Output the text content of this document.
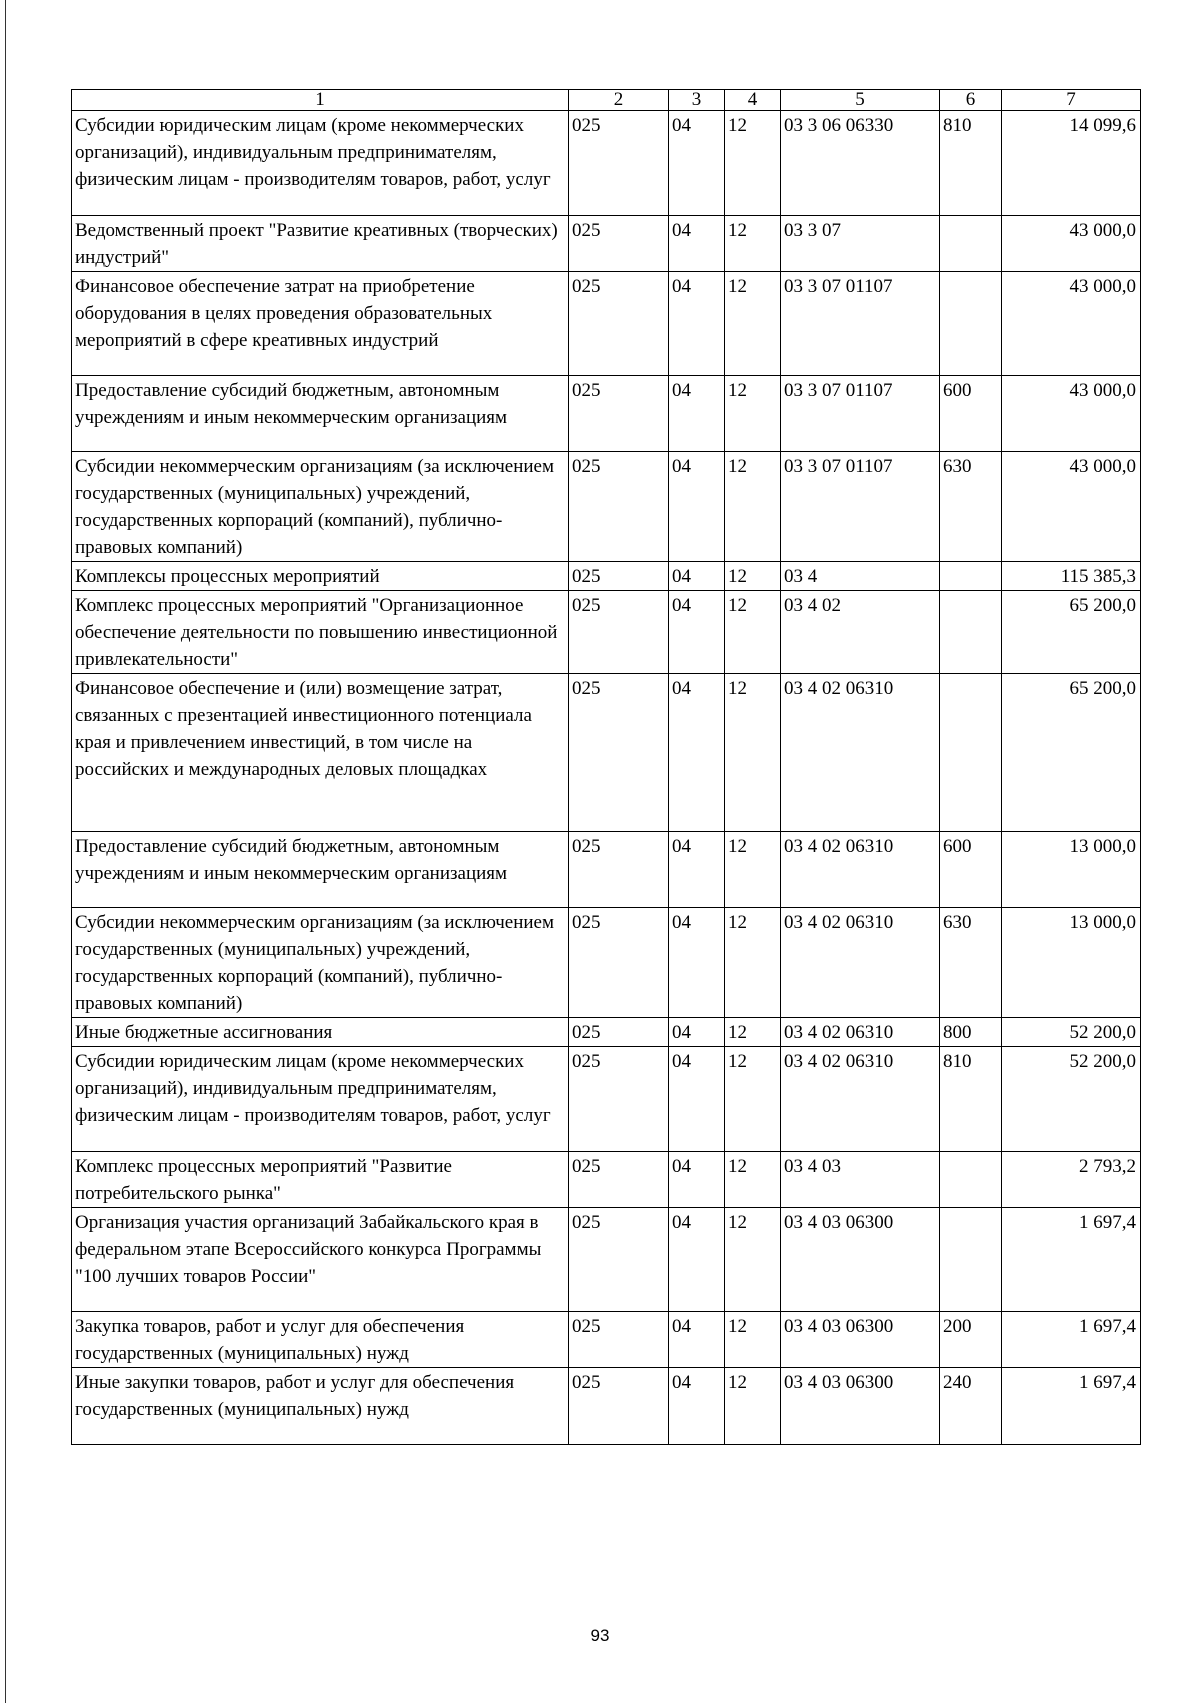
1	2	3	4	5	6	7
Субсидии юридическим лицам (кроме некоммерческих организаций), индивидуальным предпринимателям, физическим лицам - производителям товаров, работ, услуг	025	04	12	03 3 06 06330	810	14 099,6
Ведомственный проект "Развитие креативных (творческих) индустрий"	025	04	12	03 3 07		43 000,0
Финансовое обеспечение затрат на приобретение оборудования в целях проведения образовательных мероприятий в сфере креативных индустрий	025	04	12	03 3 07 01107		43 000,0
Предоставление субсидий бюджетным, автономным учреждениям и иным некоммерческим организациям	025	04	12	03 3 07 01107	600	43 000,0
Субсидии некоммерческим организациям (за исключением государственных (муниципальных) учреждений, государственных корпораций (компаний), публично-правовых компаний)	025	04	12	03 3 07 01107	630	43 000,0
Комплексы процессных мероприятий	025	04	12	03 4		115 385,3
Комплекс процессных мероприятий "Организационное обеспечение деятельности по повышению инвестиционной привлекательности"	025	04	12	03 4 02		65 200,0
Финансовое обеспечение и (или) возмещение затрат, связанных с презентацией инвестиционного потенциала края и привлечением инвестиций, в том числе на российских и международных деловых площадках	025	04	12	03 4 02 06310		65 200,0
Предоставление субсидий бюджетным, автономным учреждениям и иным некоммерческим организациям	025	04	12	03 4 02 06310	600	13 000,0
Субсидии некоммерческим организациям (за исключением государственных (муниципальных) учреждений, государственных корпораций (компаний), публично-правовых компаний)	025	04	12	03 4 02 06310	630	13 000,0
Иные бюджетные ассигнования	025	04	12	03 4 02 06310	800	52 200,0
Субсидии юридическим лицам (кроме некоммерческих организаций), индивидуальным предпринимателям, физическим лицам - производителям товаров, работ, услуг	025	04	12	03 4 02 06310	810	52 200,0
Комплекс процессных мероприятий "Развитие потребительского рынка"	025	04	12	03 4 03		2 793,2
Организация участия организаций Забайкальского края в федеральном этапе Всероссийского конкурса Программы "100 лучших товаров России"	025	04	12	03 4 03 06300		1 697,4
Закупка товаров, работ и услуг для обеспечения государственных (муниципальных) нужд	025	04	12	03 4 03 06300	200	1 697,4
Иные закупки товаров, работ и услуг для обеспечения государственных (муниципальных) нужд	025	04	12	03 4 03 06300	240	1 697,4
93
